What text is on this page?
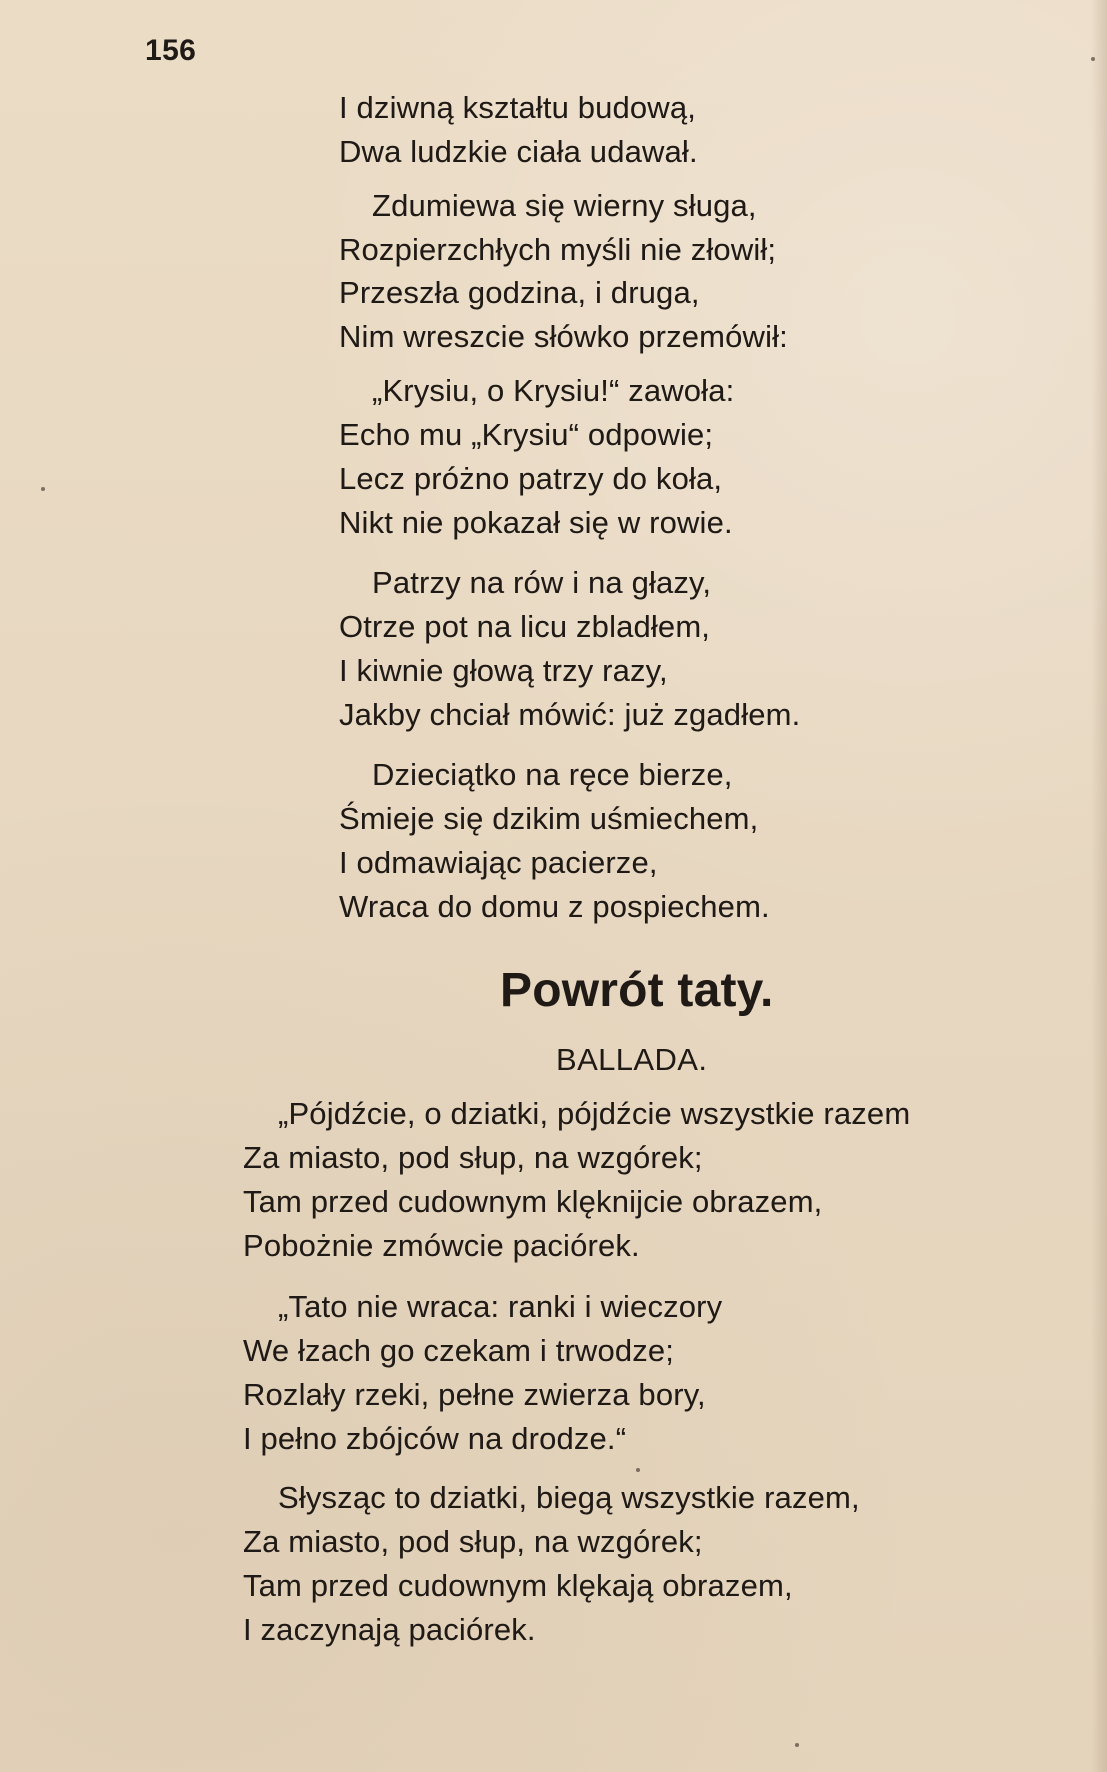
156
I dziwną kształtu budową,
Dwa ludzkie ciała udawał.
Zdumiewa się wierny sługa,
Rozpierzchłych myśli nie złowił;
Przeszła godzina, i druga,
Nim wreszcie słówko przemówił:
„Krysiu, o Krysiu!“ zawoła:
Echo mu „Krysiu“ odpowie;
Lecz próżno patrzy do koła,
Nikt nie pokazał się w rowie.
Patrzy na rów i na głazy,
Otrze pot na licu zbladłem,
I kiwnie głową trzy razy,
Jakby chciał mówić: już zgadłem.
Dzieciątko na ręce bierze,
Śmieje się dzikim uśmiechem,
I odmawiając pacierze,
Wraca do domu z pospiechem.
Powrót taty.
BALLADA.
„Pójdźcie, o dziatki, pójdźcie wszystkie razem
Za miasto, pod słup, na wzgórek;
Tam przed cudownym klęknijcie obrazem,
Pobożnie zmówcie paciórek.
„Tato nie wraca: ranki i wieczory
We łzach go czekam i trwodze;
Rozlały rzeki, pełne zwierza bory,
I pełno zbójców na drodze.“
Słysząc to dziatki, biegą wszystkie razem,
Za miasto, pod słup, na wzgórek;
Tam przed cudownym klękają obrazem,
I zaczynają paciórek.
